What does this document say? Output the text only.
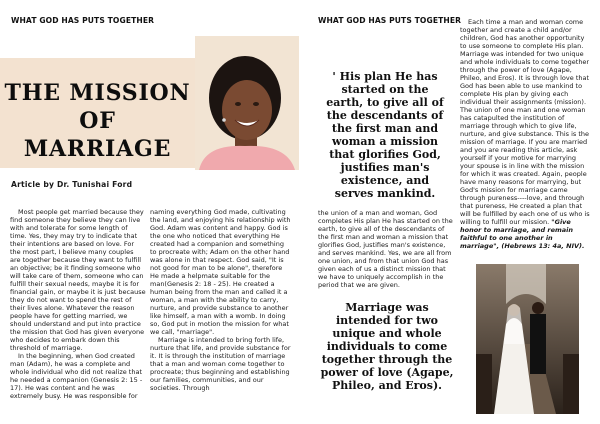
WHAT GOD HAS PUTS TOGETHER
THE MISSION
OF
MARRIAGE
Article by Dr. Tunishai Ford

Most people get married because they find someone they believe they can live with and tolerate for some length of time. Yes, they may try to indicate that their intentions are based on love. For the most part, I believe many couples are together because they want to fulfill an objective; be it finding someone who will take care of them, someone who can fulfill their sexual needs, maybe it is for financial gain, or maybe it is just because they do not want to spend the rest of their lives alone. Whatever the reason people have for getting married, we should understand and put into practice the mission that God has given everyone who decides to embark down this threshold of marriage.

In the beginning, when God created man (Adam), he was a complete and whole individual who did not realize that he needed a companion (Genesis 2: 15 - 17). He was content and he was extremely busy. He was responsible for

naming everything God made, cultivating the land, and enjoying his relationship with God. Adam was content and happy. God is the one who noticed that everything He created had a companion and something to procreate with; Adam on the other hand was alone in that respect. God said, "It is not good for man to be alone", therefore He made a helpmate suitable for the man(Genesis 2: 18 - 25). He created a human being from the man and called it a woman, a man with the ability to carry, nurture, and provide substance to another like himself, a man with a womb. In doing so, God put in motion the mission for what we call, "marriage".

Marriage is intended to bring forth life, nurture that life, and provide substance for it. It is through the institution of marriage that a man and woman come together to procreate; thus beginning and establishing our families, communities, and our societies. Through

WHAT GOD HAS PUTS TOGETHER
' His plan He has started on the earth, to give all of the descendants of the first man and woman a mission that glorifies God, justifies man's existence, and serves mankind.

the union of a man and woman, God completes His plan He has started on the earth, to give all of the descendants of the first man and woman a mission that glorifies God, justifies man's existence, and serves mankind. Yes, we are all from one union, and from that union God has given each of us a distinct mission that we have to uniquely accomplish in the period that we are given.

Marriage was intended for two unique and whole individuals to come together through the power of love (Agape, Phileo, and Eros).

Each time a man and woman come together and create a child and/or children, God has another opportunity to use someone to complete His plan. Marriage was intended for two unique and whole individuals to come together through the power of love (Agape, Phileo, and Eros). It is through love that God has been able to use mankind to complete His plan by giving each individual their assignments (mission). The union of one man and one woman has catapulted the institution of marriage through which to give life, nurture, and give substance. This is the mission of marriage. If you are married and you are reading this article, ask yourself if your motive for marrying your spouse is in line with the mission for which it was created. Again, people have many reasons for marrying, but God's mission for marriage came through pureness----love, and through that pureness, He created a plan that will be fulfilled by each one of us who is willing to fulfill our mission. "Give honor to marriage, and remain faithful to one another in marriage", (Hebrews 13: 4a, NIV).
